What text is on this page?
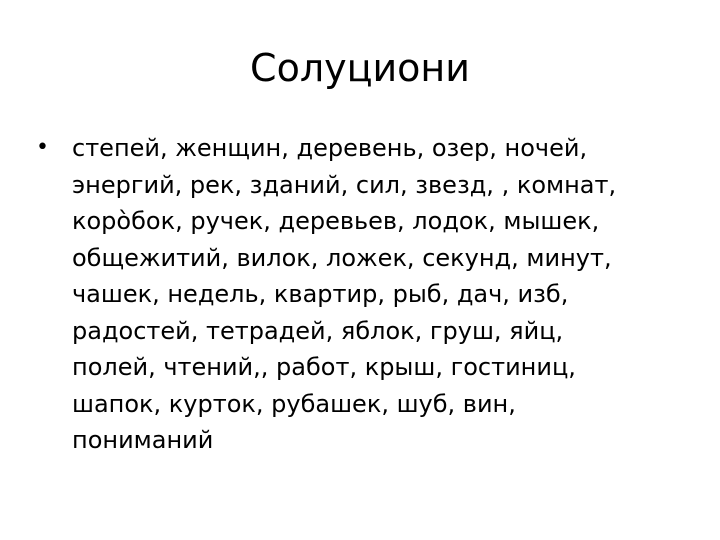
Солуциони
• степей, женщин, деревень, озер, ночей,
энергий, рек, зданий, сил, звезд, , комнат,
коро̀бок, ручек, деревьев, лодок, мышек,
общежитий, вилок, ложек, секунд, минут,
чашек, недель, квартир, рыб, дач, изб,
радостей, тетрадей, яблок, груш, яйц,
полей, чтений,, работ, крыш, гостиниц,
шапок, курток, рубашек, шуб, вин,
пониманий
